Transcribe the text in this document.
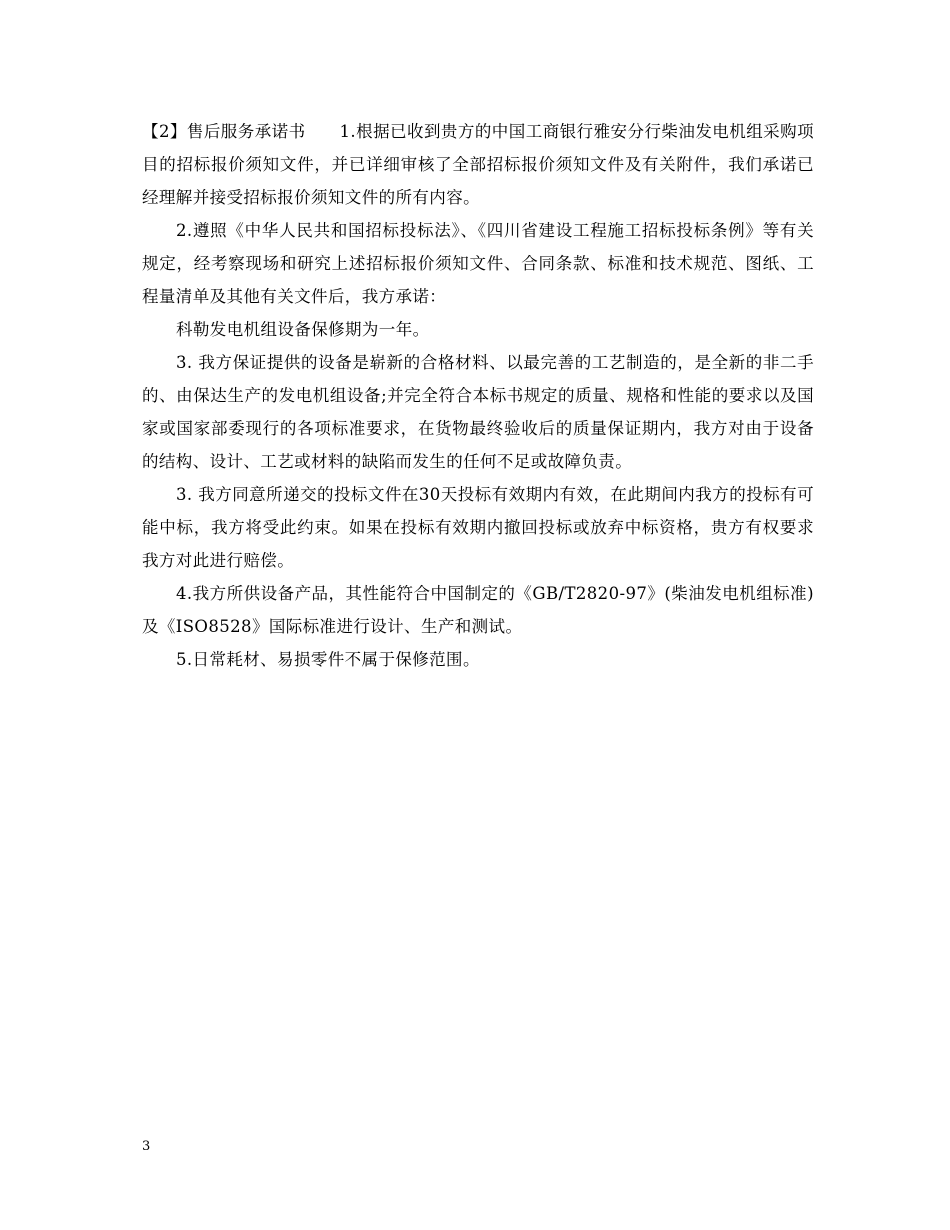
【2】售后服务承诺书　　1.根据已收到贵方的中国工商银行雅安分行柴油发电机组采购项目的招标报价须知文件，并已详细审核了全部招标报价须知文件及有关附件，我们承诺已经理解并接受招标报价须知文件的所有内容。

2.遵照《中华人民共和国招标投标法》、《四川省建设工程施工招标投标条例》等有关规定，经考察现场和研究上述招标报价须知文件、合同条款、标准和技术规范、图纸、工程量清单及其他有关文件后，我方承诺：

科勒发电机组设备保修期为一年。

3. 我方保证提供的设备是崭新的合格材料、以最完善的工艺制造的，是全新的非二手的、由保达生产的发电机组设备;并完全符合本标书规定的质量、规格和性能的要求以及国家或国家部委现行的各项标准要求，在货物最终验收后的质量保证期内，我方对由于设备的结构、设计、工艺或材料的缺陷而发生的任何不足或故障负责。

3. 我方同意所递交的投标文件在30天投标有效期内有效，在此期间内我方的投标有可能中标，我方将受此约束。如果在投标有效期内撤回投标或放弃中标资格，贵方有权要求我方对此进行赔偿。

4.我方所供设备产品，其性能符合中国制定的《GB/T2820-97》(柴油发电机组标准)及《ISO8528》国际标准进行设计、生产和测试。

5.日常耗材、易损零件不属于保修范围。

3
